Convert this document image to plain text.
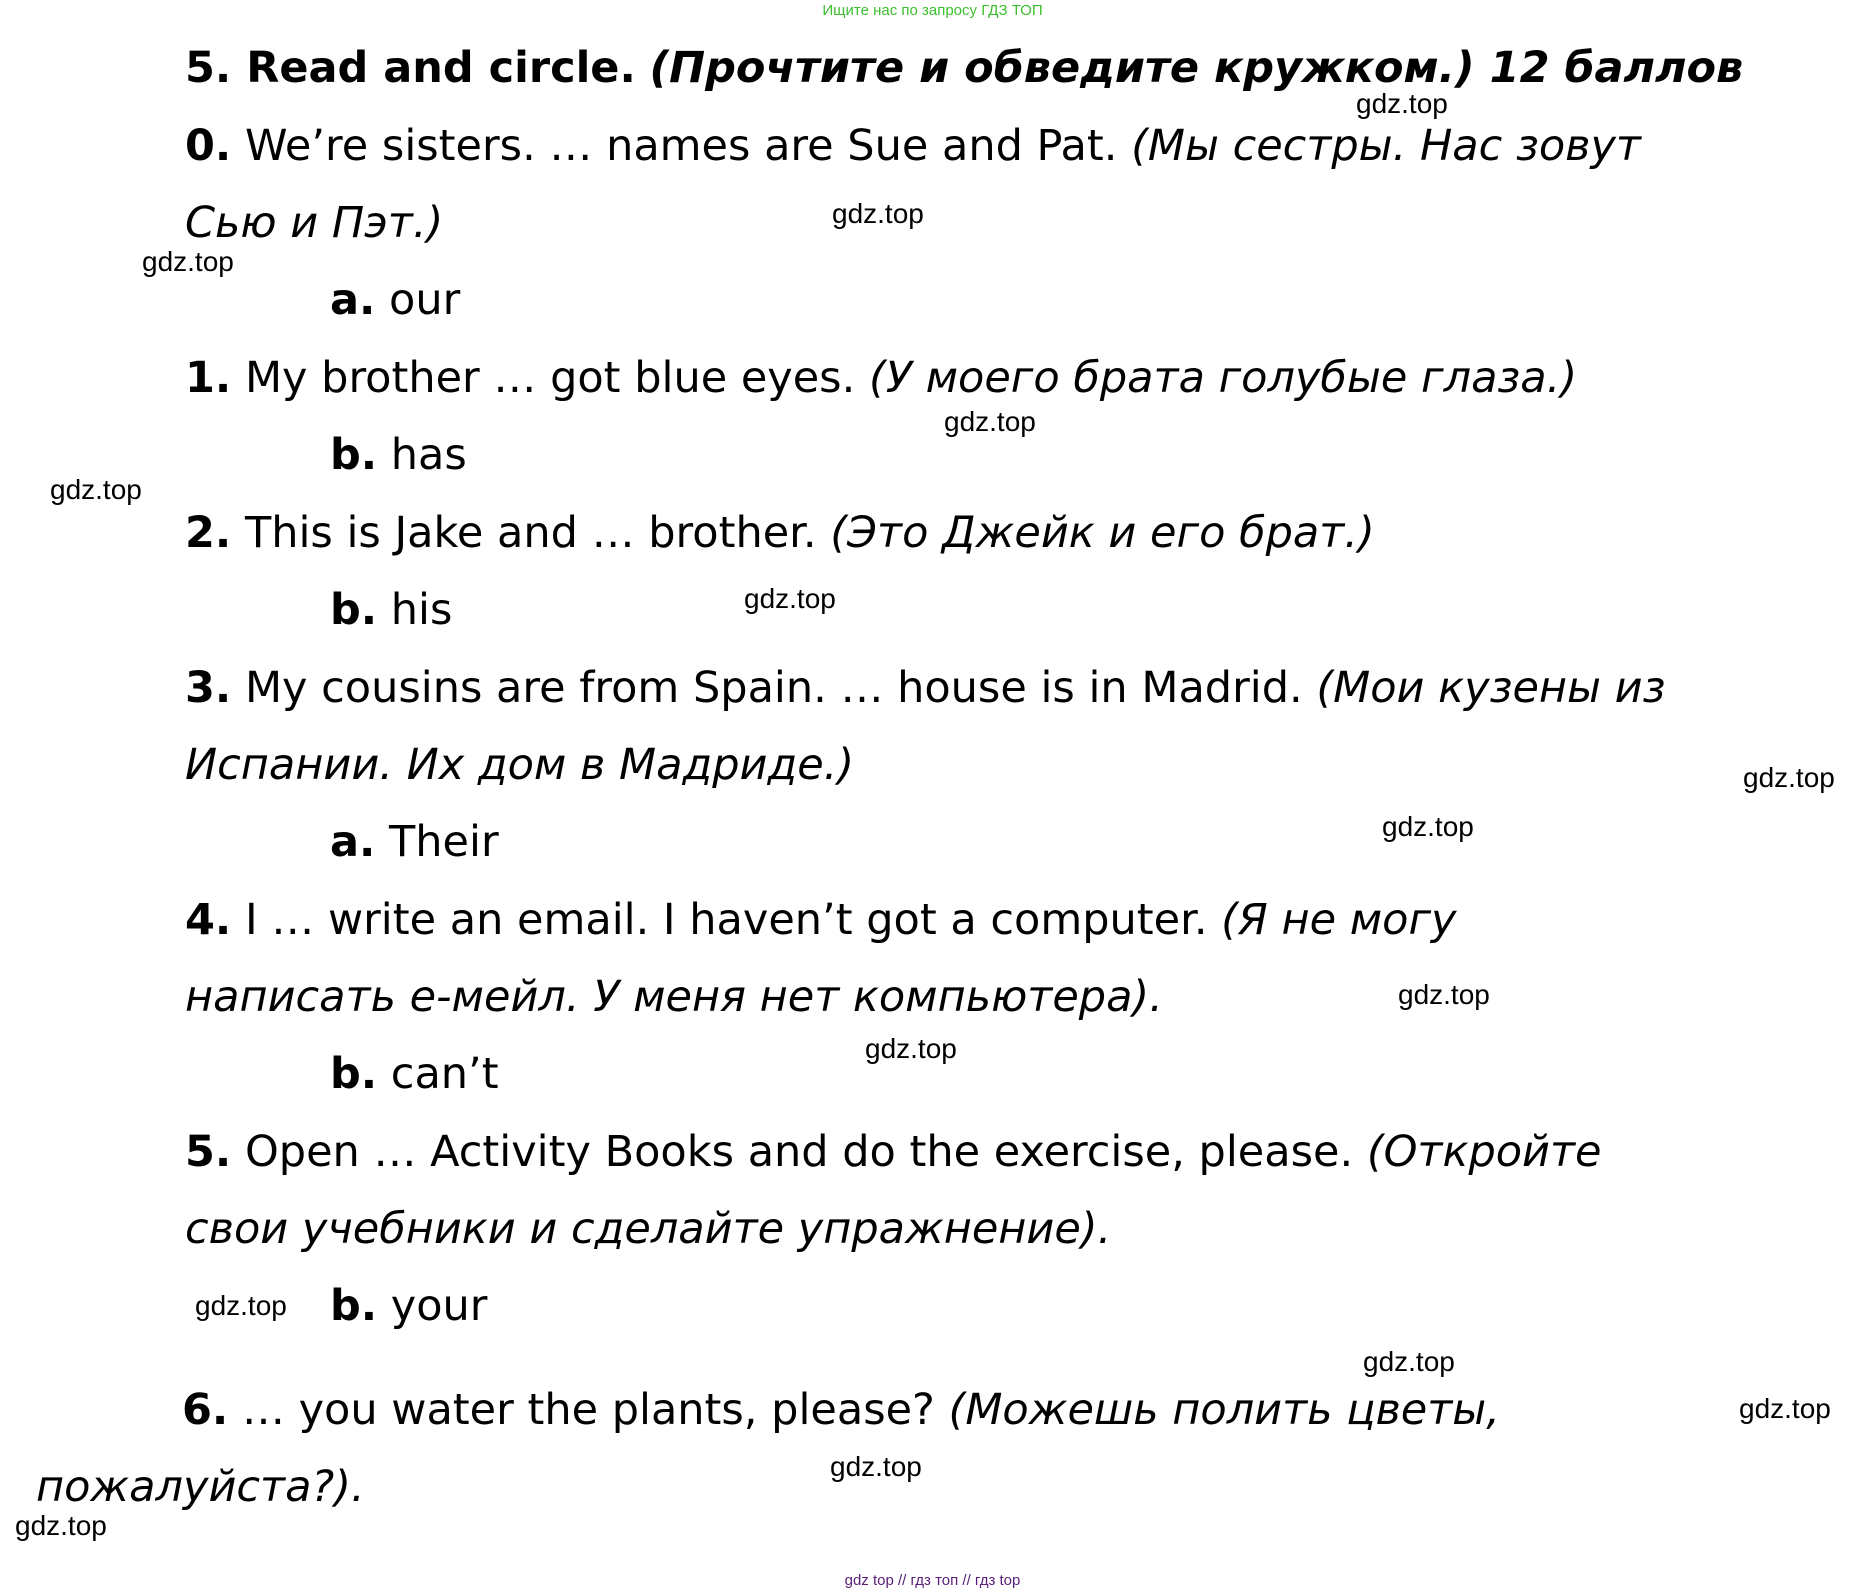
Ищите нас по запросу ГДЗ ТОП
5. Read and circle. (Прочтите и обведите кружком.) 12 баллов
0. We’re sisters. … names are Sue and Pat. (Мы сестры. Нас зовут
Сью и Пэт.)
a. our
1. My brother … got blue eyes. (У моего брата голубые глаза.)
b. has
2. This is Jake and … brother. (Это Джейк и его брат.)
b. his
3. My cousins are from Spain. … house is in Madrid. (Мои кузены из
Испании. Их дом в Мадриде.)
a. Their
4. I … write an email. I haven’t got a computer. (Я не могу
написать е-мейл. У меня нет компьютера).
b. can’t
5. Open … Activity Books and do the exercise, please. (Откройте
свои учебники и сделайте упражнение).
b. your
6. … you water the plants, please? (Можешь полить цветы,
пожалуйста?).
gdz.top
gdz.top
gdz.top
gdz.top
gdz.top
gdz.top
gdz.top
gdz.top
gdz.top
gdz.top
gdz.top
gdz.top
gdz.top
gdz.top
gdz.top
gdz top // гдз топ // гдз top
